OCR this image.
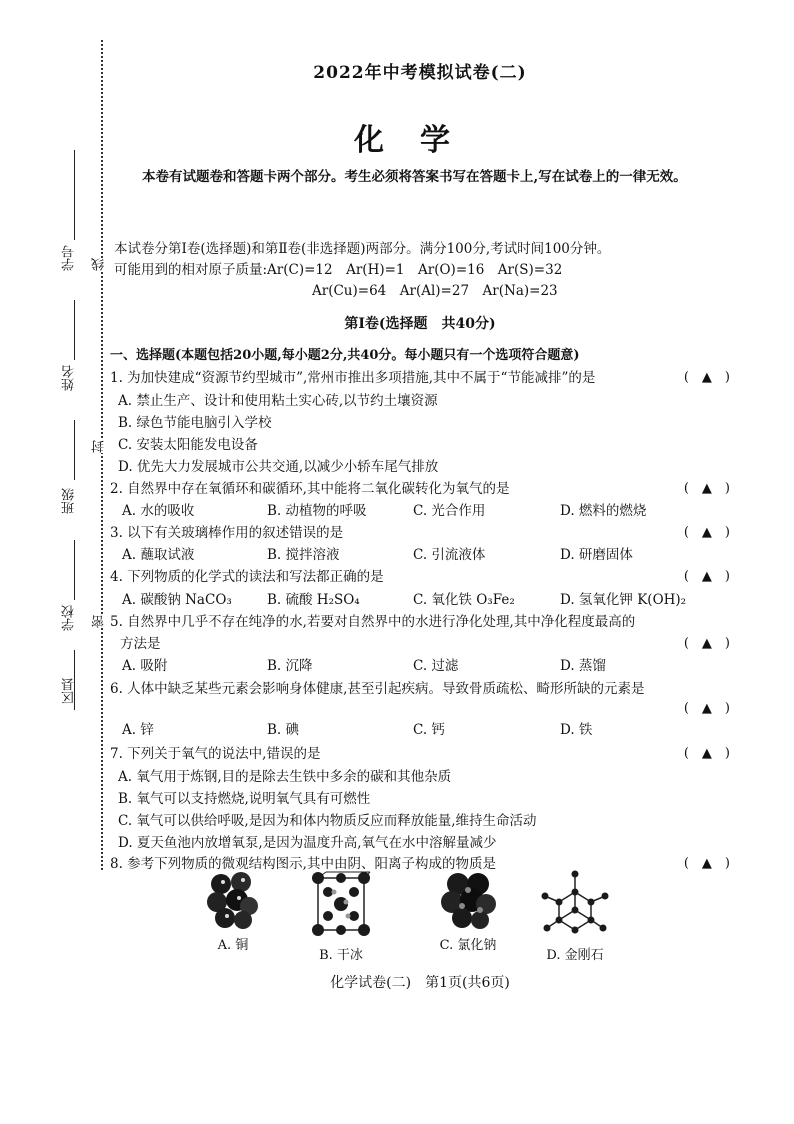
学号
姓名
班级
学校
区县
线
封
密
2022年中考模拟试卷(二)
化学
本卷有试题卷和答题卡两个部分。考生必须将答案书写在答题卡上,写在试卷上的一律无效。
本试卷分第Ⅰ卷(选择题)和第Ⅱ卷(非选择题)两部分。满分100分,考试时间100分钟。
可能用到的相对原子质量:Ar(C)=12　Ar(H)=1　Ar(O)=16　Ar(S)=32
Ar(Cu)=64　Ar(Al)=27　Ar(Na)=23
第Ⅰ卷(选择题　共40分)
一、选择题(本题包括20小题,每小题2分,共40分。每小题只有一个选项符合题意)
1. 为加快建成“资源节约型城市”,常州市推出多项措施,其中不属于“节能减排”的是	(　▲　)
A. 禁止生产、设计和使用粘土实心砖,以节约土壤资源
B. 绿色节能电脑引入学校
C. 安装太阳能发电设备
D. 优先大力发展城市公共交通,以减少小轿车尾气排放
2. 自然界中存在氧循环和碳循环,其中能将二氧化碳转化为氧气的是	(　▲　)
A. 水的吸收	B. 动植物的呼吸	C. 光合作用	D. 燃料的燃烧
3. 以下有关玻璃棒作用的叙述错误的是	(　▲　)
A. 蘸取试液	B. 搅拌溶液	C. 引流液体	D. 研磨固体
4. 下列物质的化学式的读法和写法都正确的是	(　▲　)
A. 碳酸钠 NaCO₃	B. 硫酸 H₂SO₄	C. 氧化铁 O₃Fe₂	D. 氢氧化钾 K(OH)₂
5. 自然界中几乎不存在纯净的水,若要对自然界中的水进行净化处理,其中净化程度最高的
方法是	(　▲　)
A. 吸附	B. 沉降	C. 过滤	D. 蒸馏
6. 人体中缺乏某些元素会影响身体健康,甚至引起疾病。导致骨质疏松、畸形所缺的元素是
(　▲　)
A. 锌	B. 碘	C. 钙	D. 铁
7. 下列关于氧气的说法中,错误的是	(　▲　)
A. 氧气用于炼钢,目的是除去生铁中多余的碳和其他杂质
B. 氧气可以支持燃烧,说明氧气具有可燃性
C. 氧气可以供给呼吸,是因为和体内物质反应而释放能量,维持生命活动
D. 夏天鱼池内放增氧泵,是因为温度升高,氧气在水中溶解量减少
8. 参考下列物质的微观结构图示,其中由阴、阳离子构成的物质是	(　▲　)
A. 铜
B. 干冰
C. 氯化钠
D. 金刚石
化学试卷(二)　第1页(共6页)
